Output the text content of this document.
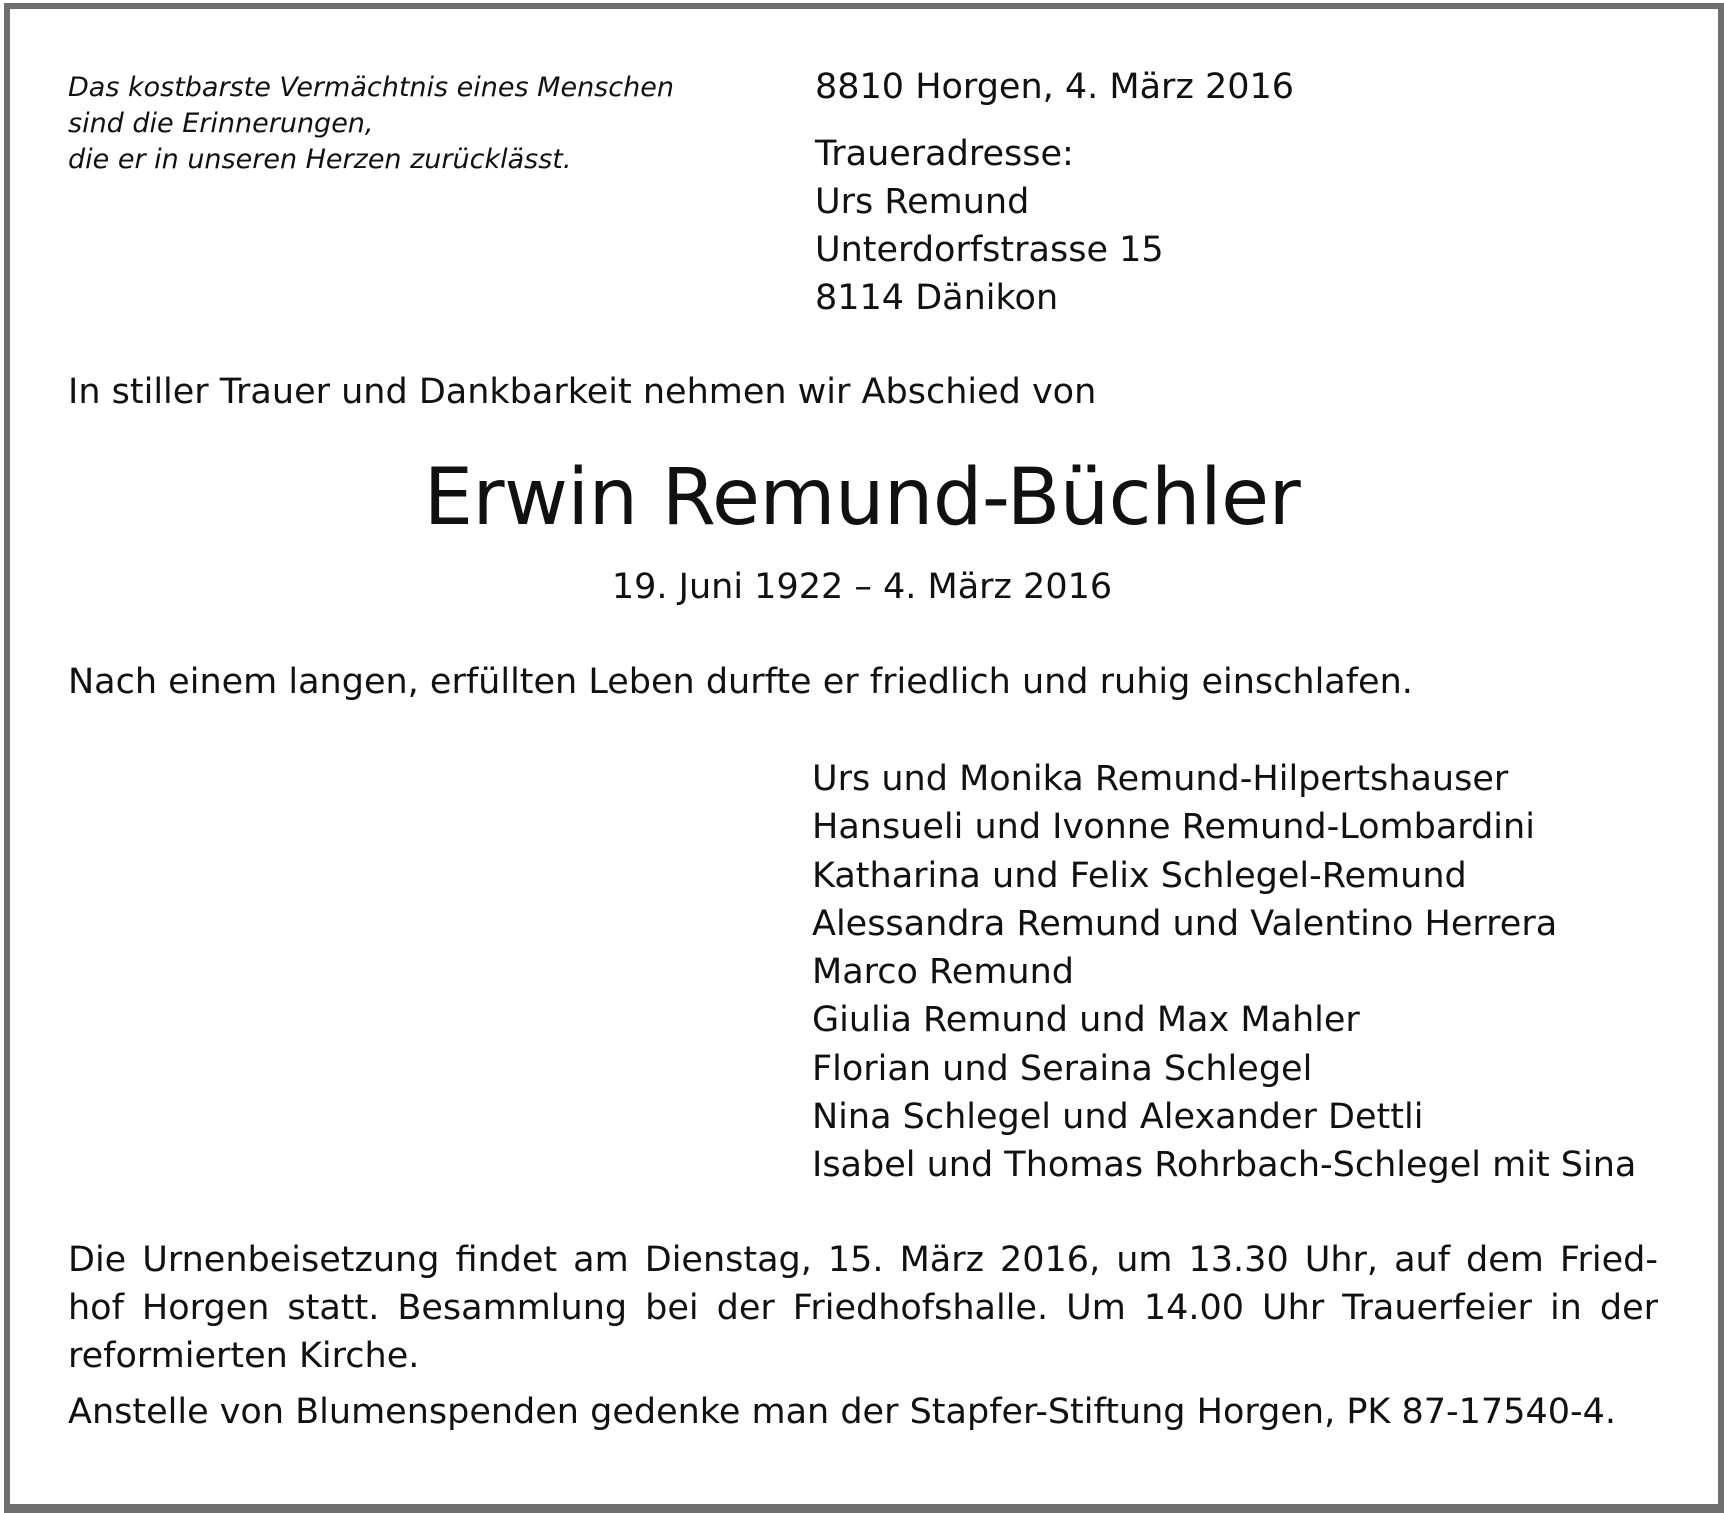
Das kostbarste Vermächtnis eines Menschen
sind die Erinnerungen,
die er in unseren Herzen zurücklässt.
8810 Horgen, 4. März 2016
Traueradresse:
Urs Remund
Unterdorfstrasse 15
8114 Dänikon
In stiller Trauer und Dankbarkeit nehmen wir Abschied von
Erwin Remund-Büchler
19. Juni 1922 – 4. März 2016
Nach einem langen, erfüllten Leben durfte er friedlich und ruhig einschlafen.
Urs und Monika Remund-Hilpertshauser
Hansueli und Ivonne Remund-Lombardini
Katharina und Felix Schlegel-Remund
Alessandra Remund und Valentino Herrera
Marco Remund
Giulia Remund und Max Mahler
Florian und Seraina Schlegel
Nina Schlegel und Alexander Dettli
Isabel und Thomas Rohrbach-Schlegel mit Sina
Die Urnenbeisetzung findet am Dienstag, 15. März 2016, um 13.30 Uhr, auf dem Fried-
hof Horgen statt. Besammlung bei der Friedhofshalle. Um 14.00 Uhr Trauerfeier in der
reformierten Kirche.
Anstelle von Blumenspenden gedenke man der Stapfer-Stiftung Horgen, PK 87-17540-4.
